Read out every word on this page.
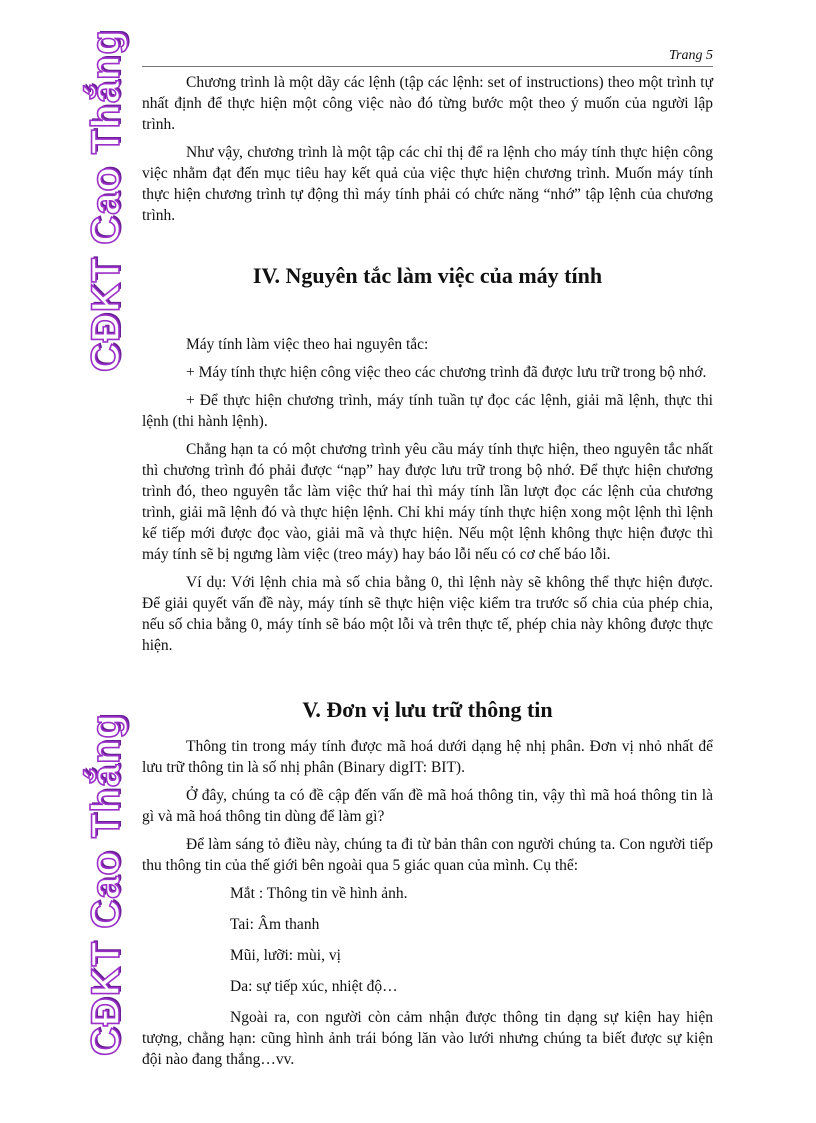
Trang 5
CĐKT Cao Thắng
CĐKT Cao Thắng

Chương trình là một dãy các lệnh (tập các lệnh: set of instructions) theo một trình tự nhất định để thực hiện một công việc nào đó từng bước một theo ý muốn của người lập trình.

Như vậy, chương trình là một tập các chỉ thị để ra lệnh cho máy tính thực hiện công việc nhằm đạt đến mục tiêu hay kết quả của việc thực hiện chương trình. Muốn máy tính thực hiện chương trình tự động thì máy tính phải có chức năng “nhớ” tập lệnh của chương trình.

IV. Nguyên tắc làm việc của máy tính

Máy tính làm việc theo hai nguyên tắc:

+ Máy tính thực hiện công việc theo các chương trình đã được lưu trữ trong bộ nhớ.

+ Để thực hiện chương trình, máy tính tuần tự đọc các lệnh, giải mã lệnh, thực thi lệnh (thi hành lệnh).

Chẳng hạn ta có một chương trình yêu cầu máy tính thực hiện, theo nguyên tắc nhất thì chương trình đó phải được “nạp” hay được lưu trữ trong bộ nhớ. Để thực hiện chương trình đó, theo nguyên tắc làm việc thứ hai thì máy tính lần lượt đọc các lệnh của chương trình, giải mã lệnh đó và thực hiện lệnh. Chỉ khi máy tính thực hiện xong một lệnh thì lệnh kế tiếp mới được đọc vào, giải mã và thực hiện. Nếu một lệnh không thực hiện được thì máy tính sẽ bị ngưng làm việc (treo máy) hay báo lỗi nếu có cơ chế báo lỗi.

Ví dụ: Với lệnh chia mà số chia bằng 0, thì lệnh này sẽ không thể thực hiện được. Để giải quyết vấn đề này, máy tính sẽ thực hiện việc kiểm tra trước số chia của phép chia, nếu số chia bằng 0, máy tính sẽ báo một lỗi và trên thực tế, phép chia này không được thực hiện.

V. Đơn vị lưu trữ thông tin

Thông tin trong máy tính được mã hoá dưới dạng hệ nhị phân. Đơn vị nhỏ nhất để lưu trữ thông tin là số nhị phân (Binary digIT: BIT).

Ở đây, chúng ta có đề cập đến vấn đề mã hoá thông tin, vậy thì mã hoá thông tin là gì và mã hoá thông tin dùng để làm gì?

Để làm sáng tỏ điều này, chúng ta đi từ bản thân con người chúng ta. Con người tiếp thu thông tin của thế giới bên ngoài qua 5 giác quan của mình. Cụ thể:

Mắt : Thông tin về hình ảnh.

Tai: Âm thanh

Mũi, lưỡi: mùi, vị

Da: sự tiếp xúc, nhiệt độ…

Ngoài ra, con người còn cảm nhận được thông tin dạng sự kiện hay hiện tượng, chẳng hạn: cũng hình ảnh trái bóng lăn vào lưới nhưng chúng ta biết được sự kiện đội nào đang thắng…vv.
